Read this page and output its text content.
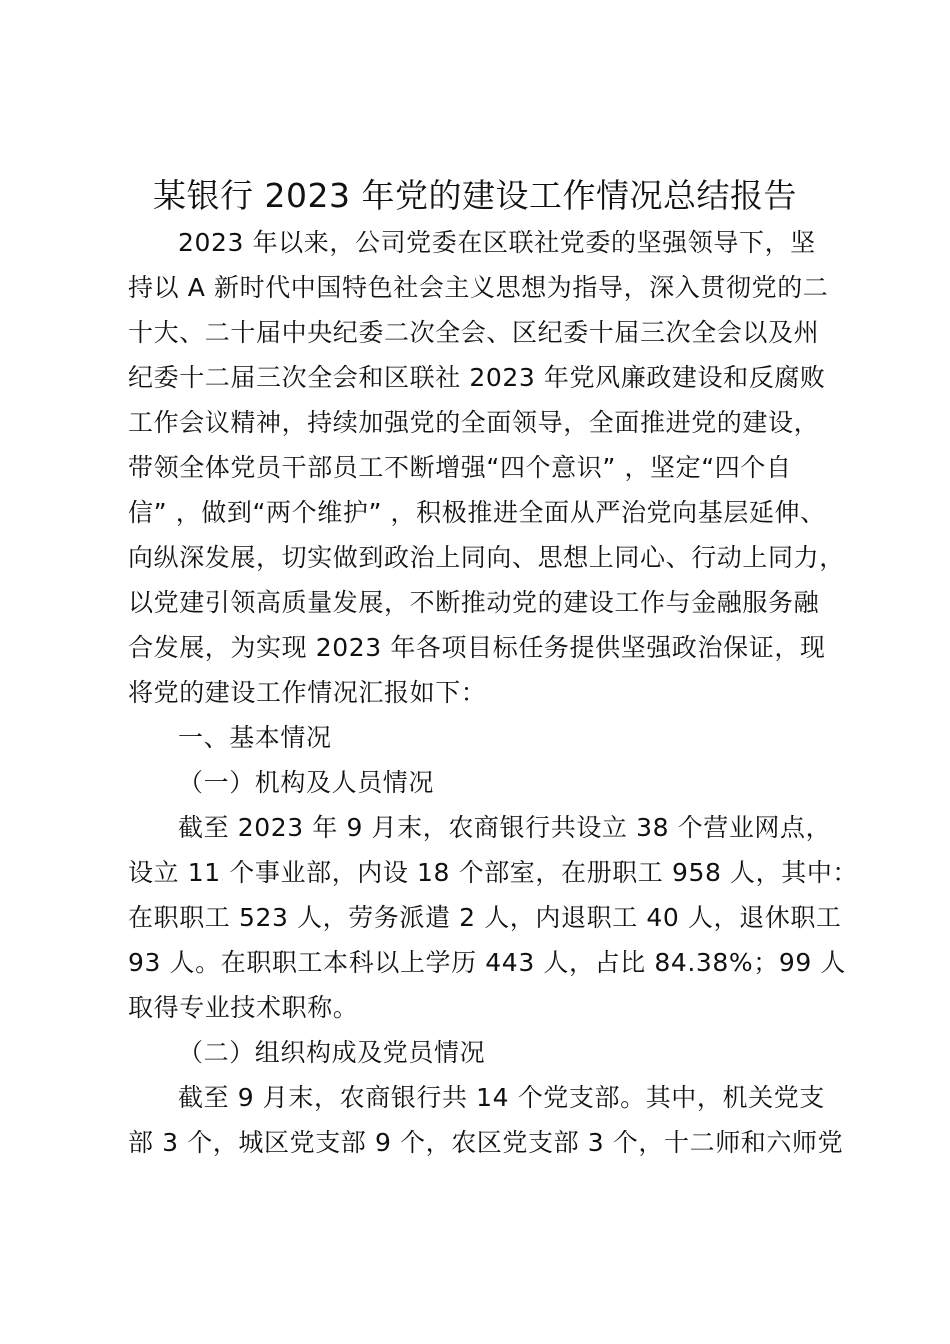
某银行 2023 年党的建设工作情况总结报告
2023 年以来，公司党委在区联社党委的坚强领导下，坚
持以 A 新时代中国特色社会主义思想为指导，深入贯彻党的二
十大、二十届中央纪委二次全会、区纪委十届三次全会以及州
纪委十二届三次全会和区联社 2023 年党风廉政建设和反腐败
工作会议精神，持续加强党的全面领导，全面推进党的建设，
带领全体党员干部员工不断增强“四个意识” ，坚定“四个自
信” ，做到“两个维护” ，积极推进全面从严治党向基层延伸、
向纵深发展，切实做到政治上同向、思想上同心、行动上同力，
以党建引领高质量发展，不断推动党的建设工作与金融服务融
合发展，为实现 2023 年各项目标任务提供坚强政治保证，现
将党的建设工作情况汇报如下：
一、基本情况
（一）机构及人员情况
截至 2023 年 9 月末，农商银行共设立 38 个营业网点，
设立 11 个事业部，内设 18 个部室，在册职工 958 人，其中：
在职职工 523 人，劳务派遣 2 人，内退职工 40 人，退休职工
93 人。在职职工本科以上学历 443 人，占比 84.38%；99 人
取得专业技术职称。
（二）组织构成及党员情况
截至 9 月末，农商银行共 14 个党支部。其中，机关党支
部 3 个，城区党支部 9 个，农区党支部 3 个，十二师和六师党
